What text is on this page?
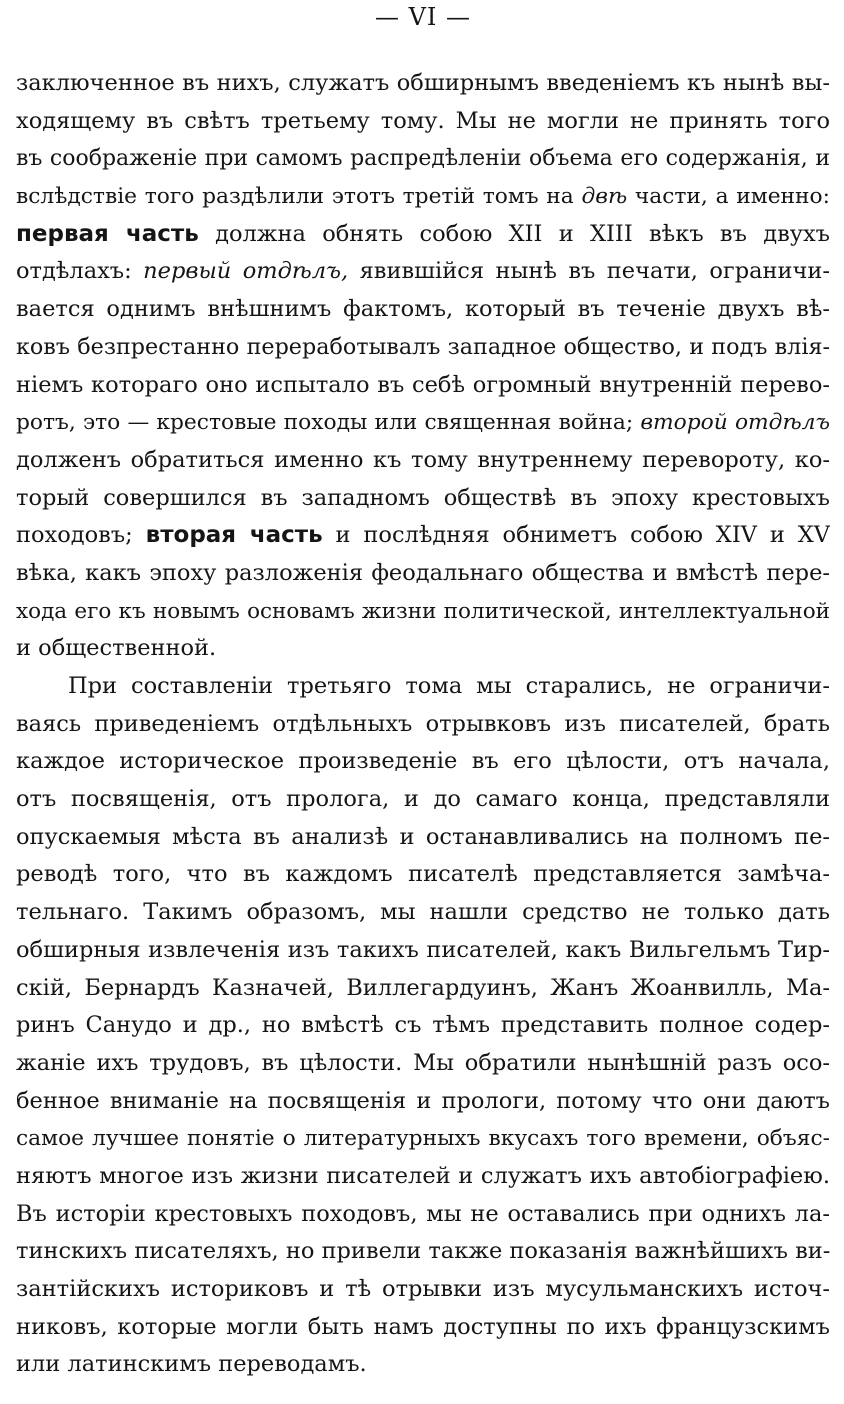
— VI —
заключенное въ нихъ, служатъ обширнымъ введеніемъ къ нынѣ вы-
ходящему въ свѣтъ третьему тому. Мы не могли не принять того
въ соображеніе при самомъ распредѣленіи объема его содержанія, и
вслѣдствіе того раздѣлили этотъ третій томъ на двѣ части, а именно:
первая часть должна обнять собою XII и XIII вѣкъ въ двухъ
отдѣлахъ: первый отдѣлъ, явившійся нынѣ въ печати, ограничи-
вается однимъ внѣшнимъ фактомъ, который въ теченіе двухъ вѣ-
ковъ безпрестанно переработывалъ западное общество, и подъ влія-
ніемъ котораго оно испытало въ себѣ огромный внутренній перево-
ротъ, это — крестовые походы или священная война; второй отдѣлъ
долженъ обратиться именно къ тому внутреннему перевороту, ко-
торый совершился въ западномъ обществѣ въ эпоху крестовыхъ
походовъ; вторая часть и послѣдняя обниметъ собою XIV и XV
вѣка, какъ эпоху разложенія феодальнаго общества и вмѣстѣ пере-
хода его къ новымъ основамъ жизни политической, интеллектуальной
и общественной.
При составленіи третьяго тома мы старались, не ограничи-
ваясь приведеніемъ отдѣльныхъ отрывковъ изъ писателей, брать
каждое историческое произведеніе въ его цѣлости, отъ начала,
отъ посвященія, отъ пролога, и до самаго конца, представляли
опускаемыя мѣста въ анализѣ и останавливались на полномъ пе-
реводѣ того, что въ каждомъ писателѣ представляется замѣча-
тельнаго. Такимъ образомъ, мы нашли средство не только дать
обширныя извлеченія изъ такихъ писателей, какъ Вильгельмъ Тир-
скій, Бернардъ Казначей, Виллегардуинъ, Жанъ Жоанвилль, Ма-
ринъ Санудо и др., но вмѣстѣ съ тѣмъ представить полное содер-
жаніе ихъ трудовъ, въ цѣлости. Мы обратили нынѣшній разъ осо-
бенное вниманіе на посвященія и прологи, потому что они даютъ
самое лучшее понятіе о литературныхъ вкусахъ того времени, объяс-
няютъ многое изъ жизни писателей и служатъ ихъ автобіографіею.
Въ исторіи крестовыхъ походовъ, мы не оставались при однихъ ла-
тинскихъ писателяхъ, но привели также показанія важнѣйшихъ ви-
зантійскихъ историковъ и тѣ отрывки изъ мусульманскихъ источ-
никовъ, которые могли быть намъ доступны по ихъ французскимъ
или латинскимъ переводамъ.
